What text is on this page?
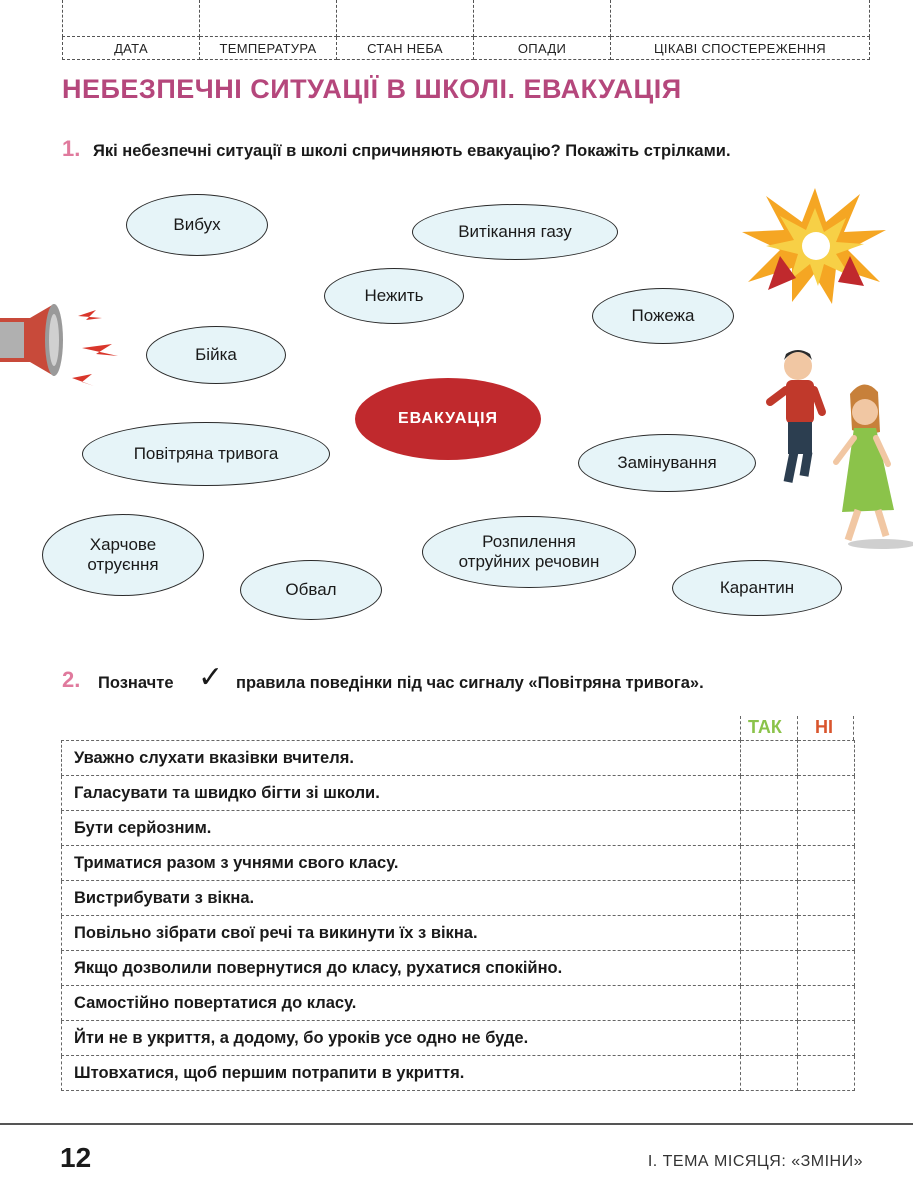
ДАТА	ТЕМПЕРАТУРА	СТАН НЕБА	ОПАДИ	ЦІКАВІ СПОСТЕРЕЖЕННЯ
НЕБЕЗПЕЧНІ СИТУАЦІЇ В ШКОЛІ. ЕВАКУАЦІЯ
1. Які небезпечні ситуації в школі спричиняють евакуацію? Покажіть стрілками.
Вибух	Витікання газу
Нежить
Пожежа
Бійка
ЕВАКУАЦІЯ
Повітряна тривога	Замінування
Харчове
отруєння
Розпилення
отруйних речовин
Обвал	Карантин
2. Позначте ✓ правила поведінки під час сигналу «Повітряна тривога».
ТАК НІ
Уважно слухати вказівки вчителя.		
Галасувати та швидко бігти зі школи.		
Бути серйозним.		
Триматися разом з учнями свого класу.		
Вистрибувати з вікна.		
Повільно зібрати свої речі та викинути їх з вікна.		
Якщо дозволили повернутися до класу, рухатися спокійно.		
Самостійно повертатися до класу.		
Йти не в укриття, а додому, бо уроків усе одно не буде.		
Штовхатися, щоб першим потрапити в укриття.		
12	І. ТЕМА МІСЯЦЯ: «ЗМІНИ»
